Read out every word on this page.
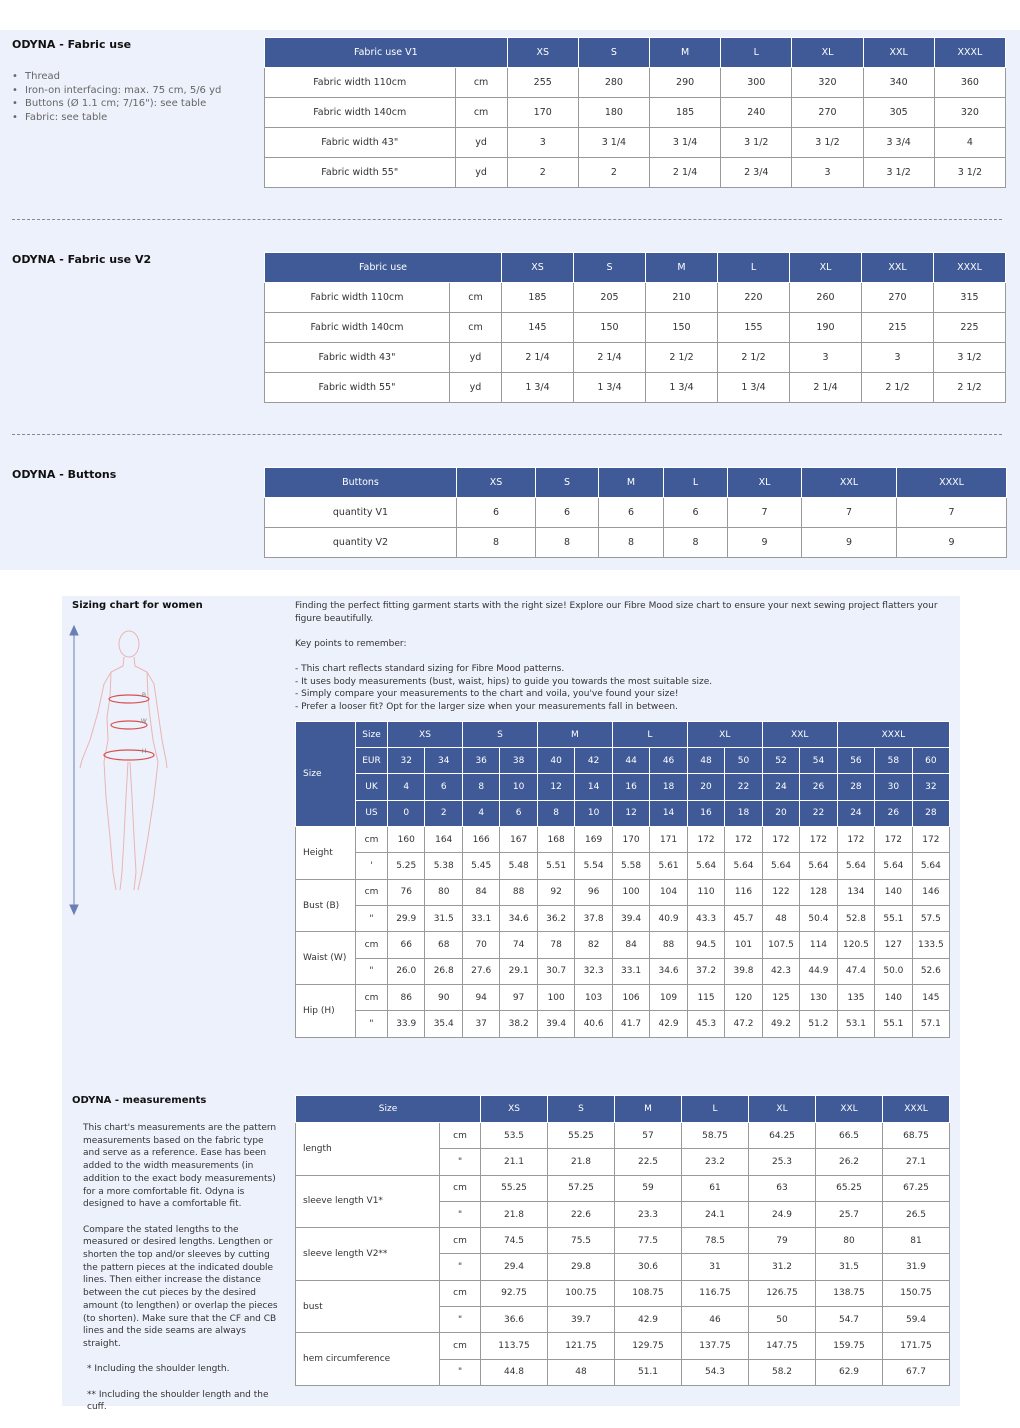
ODYNA - Fabric use
• Thread
• Iron-on interfacing: max. 75 cm, 5/6 yd
• Buttons (Ø 1.1 cm; 7/16"): see table
• Fabric: see table
Fabric use V1		XS	S	M	L	XL	XXL	XXXL
Fabric width 110cm	cm	255	280	290	300	320	340	360
Fabric width 140cm	cm	170	180	185	240	270	305	320
Fabric width 43"	yd	3	3 1/4	3 1/4	3 1/2	3 1/2	3 3/4	4
Fabric width 55"	yd	2	2	2 1/4	2 3/4	3	3 1/2	3 1/2
ODYNA - Fabric use V2
Fabric use		XS	S	M	L	XL	XXL	XXXL
Fabric width 110cm	cm	185	205	210	220	260	270	315
Fabric width 140cm	cm	145	150	150	155	190	215	225
Fabric width 43"	yd	2 1/4	2 1/4	2 1/2	2 1/2	3	3	3 1/2
Fabric width 55"	yd	1 3/4	1 3/4	1 3/4	1 3/4	2 1/4	2 1/2	2 1/2
ODYNA - Buttons
Buttons	XS	S	M	L	XL	XXL	XXXL
quantity V1	6	6	6	6	7	7	7
quantity V2	8	8	8	8	9	9	9
Sizing chart for women
B
W
H

Finding the perfect fitting garment starts with the right size! Explore our Fibre Mood size chart to ensure your next sewing project flatters your figure beautifully.

Key points to remember:

- This chart reflects standard sizing for Fibre Mood patterns.

- It uses body measurements (bust, waist, hips) to guide you towards the most suitable size.

- Simply compare your measurements to the chart and voila, you've found your size!

- Prefer a looser fit? Opt for the larger size when your measurements fall in between.

Size	Size	XS		S		M		L		XL		XXL		XXXL		
	EUR	32	34	36	38	40	42	44	46	48	50	52	54	56	58	60
	UK	4	6	8	10	12	14	16	18	20	22	24	26	28	30	32
	US	0	2	4	6	8	10	12	14	16	18	20	22	24	26	28
Height	cm	160	164	166	167	168	169	170	171	172	172	172	172	172	172	172
	'	5.25	5.38	5.45	5.48	5.51	5.54	5.58	5.61	5.64	5.64	5.64	5.64	5.64	5.64	5.64
Bust (B)	cm	76	80	84	88	92	96	100	104	110	116	122	128	134	140	146
	"	29.9	31.5	33.1	34.6	36.2	37.8	39.4	40.9	43.3	45.7	48	50.4	52.8	55.1	57.5
Waist (W)	cm	66	68	70	74	78	82	84	88	94.5	101	107.5	114	120.5	127	133.5
	"	26.0	26.8	27.6	29.1	30.7	32.3	33.1	34.6	37.2	39.8	42.3	44.9	47.4	50.0	52.6
Hip (H)	cm	86	90	94	97	100	103	106	109	115	120	125	130	135	140	145
	"	33.9	35.4	37	38.2	39.4	40.6	41.7	42.9	45.3	47.2	49.2	51.2	53.1	55.1	57.1
ODYNA - measurements

This chart's measurements are the pattern measurements based on the fabric type and serve as a reference. Ease has been added to the width measurements (in addition to the exact body measurements) for a more comfortable fit. Odyna is designed to have a comfortable fit.

Compare the stated lengths to the measured or desired lengths. Lengthen or shorten the top and/or sleeves by cutting the pattern pieces at the indicated double lines. Then either increase the distance between the cut pieces by the desired amount (to lengthen) or overlap the pieces (to shorten). Make sure that the CF and CB lines and the side seams are always straight.

* Including the shoulder length.

** Including the shoulder length and the cuff.

Size		XS	S	M	L	XL	XXL	XXXL
length	cm	53.5	55.25	57	58.75	64.25	66.5	68.75
	"	21.1	21.8	22.5	23.2	25.3	26.2	27.1
sleeve length V1*	cm	55.25	57.25	59	61	63	65.25	67.25
	"	21.8	22.6	23.3	24.1	24.9	25.7	26.5
sleeve length V2**	cm	74.5	75.5	77.5	78.5	79	80	81
	"	29.4	29.8	30.6	31	31.2	31.5	31.9
bust	cm	92.75	100.75	108.75	116.75	126.75	138.75	150.75
	"	36.6	39.7	42.9	46	50	54.7	59.4
hem circumference	cm	113.75	121.75	129.75	137.75	147.75	159.75	171.75
	"	44.8	48	51.1	54.3	58.2	62.9	67.7
